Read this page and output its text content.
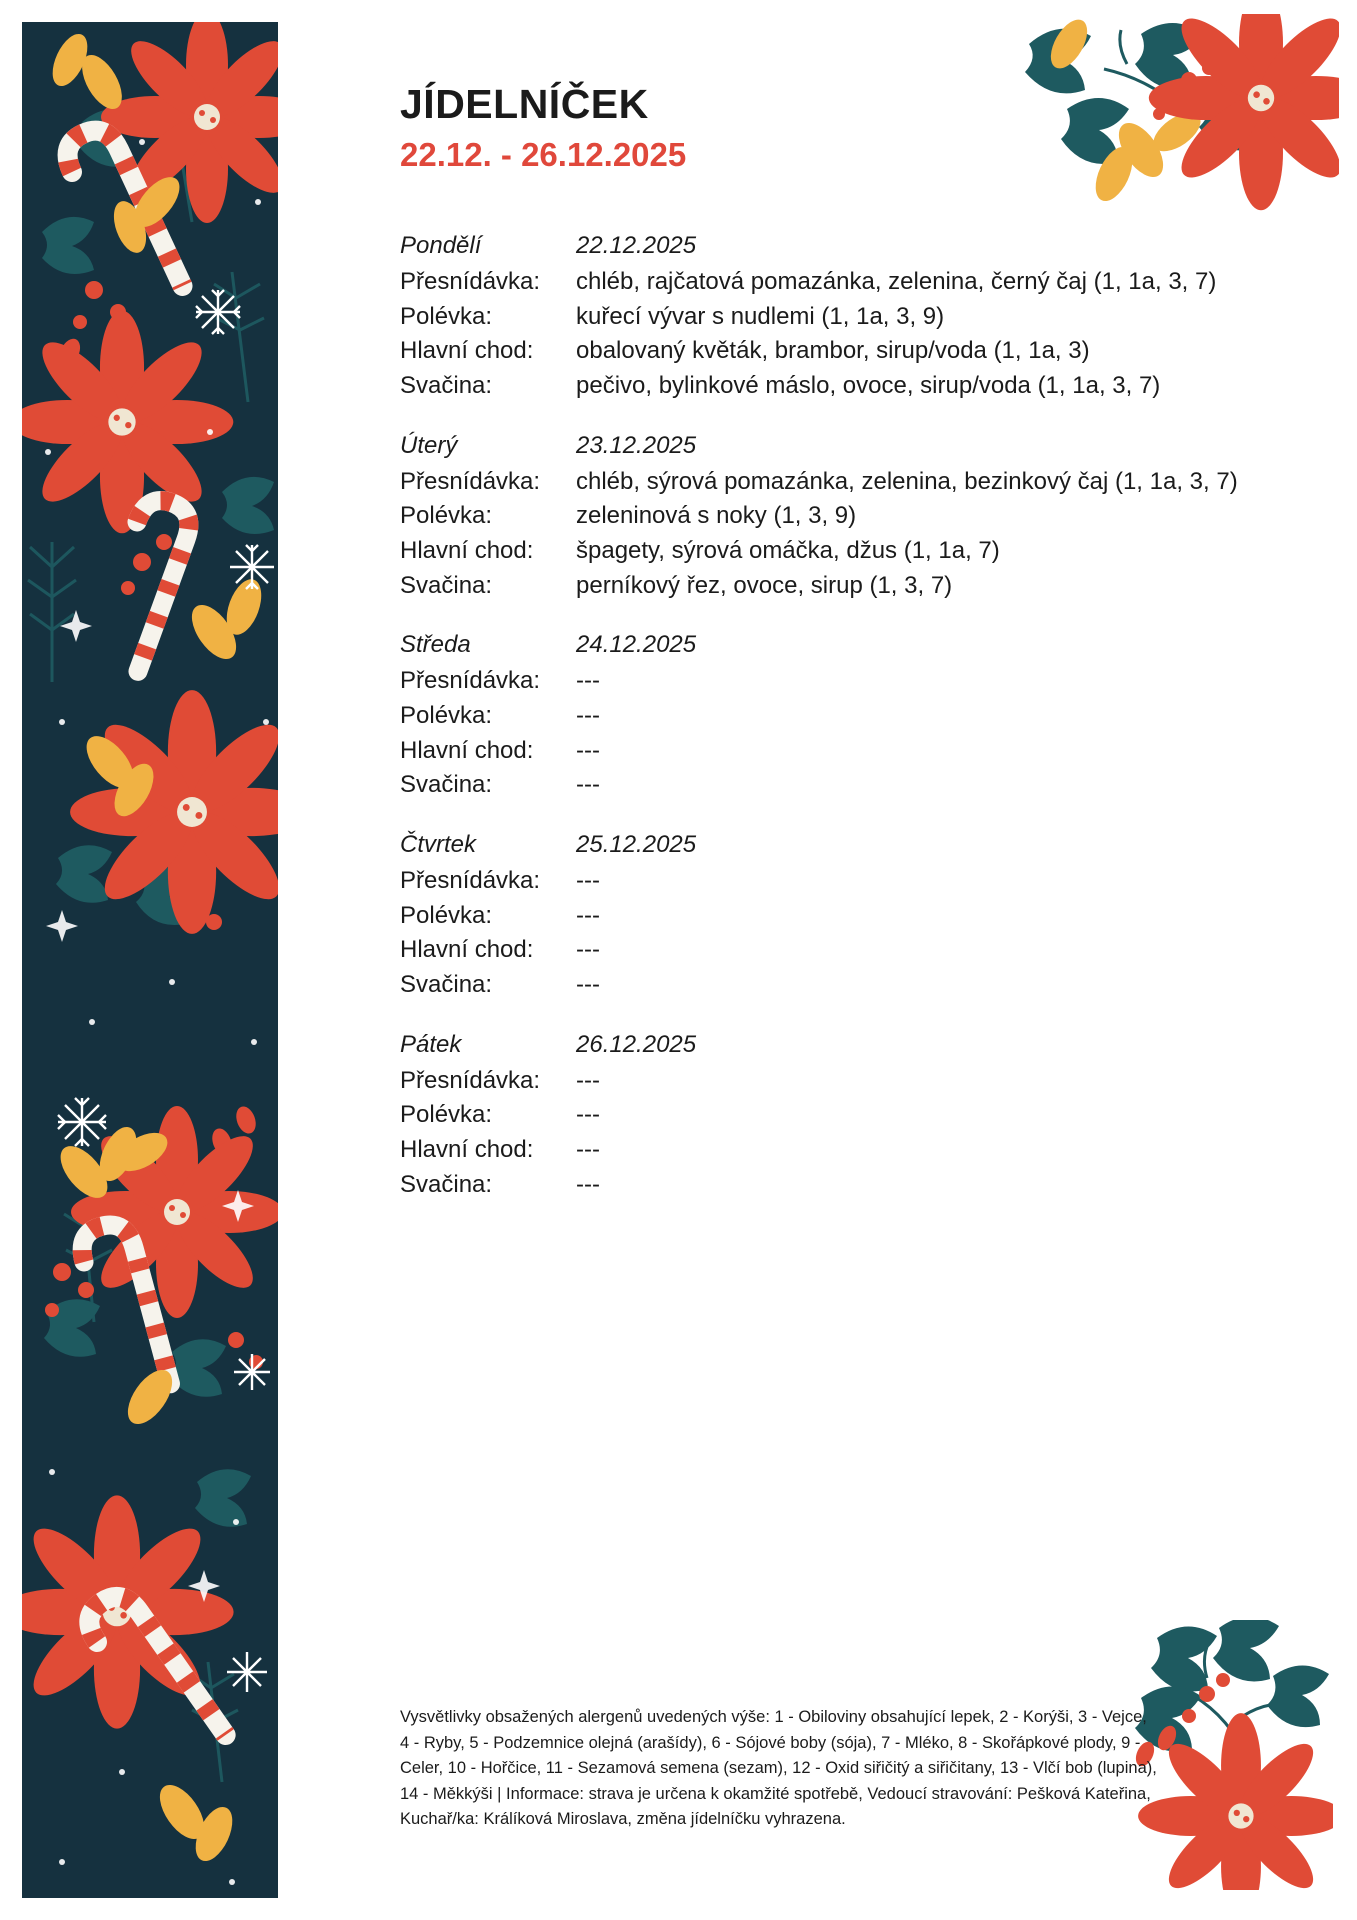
JÍDELNÍČEK
22.12. - 26.12.2025
Pondělí	22.12.2025
Přesnídávka:	chléb, rajčatová pomazánka, zelenina, černý čaj (1, 1a, 3, 7)
Polévka:	kuřecí vývar s nudlemi (1, 1a, 3, 9)
Hlavní chod:	obalovaný květák, brambor, sirup/voda (1, 1a, 3)
Svačina:	pečivo, bylinkové máslo, ovoce, sirup/voda (1, 1a, 3, 7)
Úterý	23.12.2025
Přesnídávka:	chléb, sýrová pomazánka, zelenina, bezinkový čaj (1, 1a, 3, 7)
Polévka:	zeleninová s noky (1, 3, 9)
Hlavní chod:	špagety, sýrová omáčka, džus (1, 1a, 7)
Svačina:	perníkový řez, ovoce, sirup (1, 3, 7)
Středa	24.12.2025
Přesnídávka:	---
Polévka:	---
Hlavní chod:	---
Svačina:	---
Čtvrtek	25.12.2025
Přesnídávka:	---
Polévka:	---
Hlavní chod:	---
Svačina:	---
Pátek	26.12.2025
Přesnídávka:	---
Polévka:	---
Hlavní chod:	---
Svačina:	---
Vysvětlivky obsažených alergenů uvedených výše: 1 - Obiloviny obsahující lepek, 2 - Korýši, 3 - Vejce, 4 - Ryby, 5 - Podzemnice olejná (arašídy), 6 - Sójové boby (sója), 7 - Mléko, 8 - Skořápkové plody, 9 - Celer, 10 - Hořčice, 11 - Sezamová semena (sezam), 12 - Oxid siřičitý a siřičitany, 13 - Vlčí bob (lupina), 14 - Měkkýši | Informace: strava je určena k okamžité spotřebě, Vedoucí stravování: Pešková Kateřina, Kuchař/ka: Králíková Miroslava, změna jídelníčku vyhrazena.
